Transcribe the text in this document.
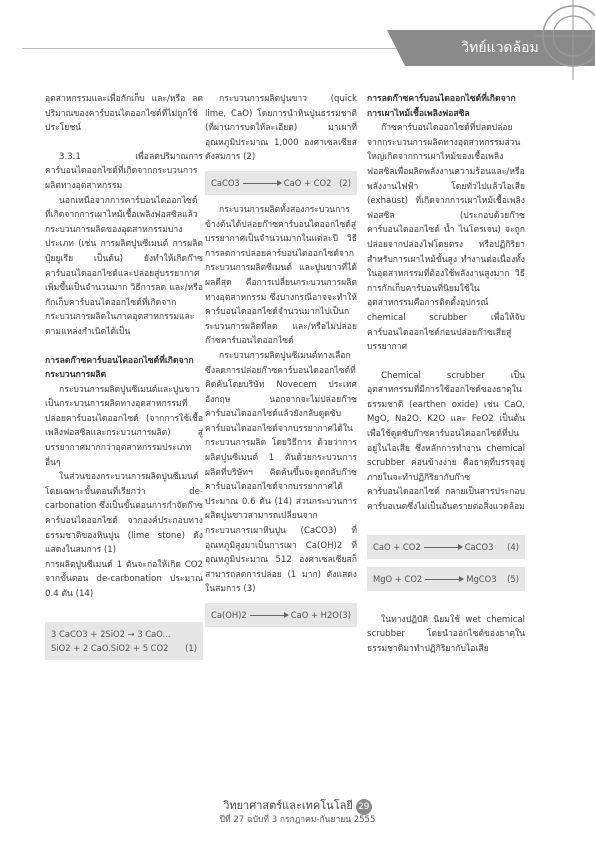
วิทย์แวดล้อม

อุตสาหกรรมและเพื่อกักเก็บ และ/หรือ ลดปริมาณของคาร์บอนไดออกไซด์ที่ไม่ถูกใช้ประโยชน์

3.3.1 เพื่อลดปริมาณการคาร์บอนไดออกไซด์ที่เกิดจากกระบวนการผลิตทางอุตสาหกรรม

นอกเหนือจากการคาร์บอนไดออกไซด์ที่เกิดจากการเผาไหม้เชื้อเพลิงฟอสซิลแล้ว กระบวนการผลิตของอุตสาหกรรมบางประเภท (เช่น การผลิตปูนซีเมนต์ การผลิตปุ๋ยยูเรีย เป็นต้น) ยังทำให้เกิดก๊าซคาร์บอนไดออกไซด์และปล่อยสู่บรรยากาศเพิ่มขึ้นเป็นจำนวนมาก วิธีการลด และ/หรือกักเก็บคาร์บอนไดออกไซด์ที่เกิดจากกระบวนการผลิตในภาคอุตสาหกรรมและตามแหล่งกำเนิดได้เป็น

การลดก๊าซคาร์บอนไดออกไซด์ที่เกิดจากกระบวนการผลิต

กระบวนการผลิตปูนซีเมนต์และปูนขาว เป็นกระบวนการผลิตทางอุตสาหกรรมที่ปล่อยคาร์บอนไดออกไซด์ (จากการใช้เชื้อเพลิงฟอสซิลและกระบวนการผลิต) สู่บรรยากาศมากกว่าอุตสาหกรรมประเภทอื่นๆ

ในส่วนของกระบวนการผลิตปูนซีเมนต์โดยเฉพาะขั้นตอนที่เรียกว่า de-carbonation ซึ่งเป็นขั้นตอนการกำจัดก๊าซคาร์บอนไดออกไซด์ จากองค์ประกอบทางธรรมชาติของหินปูน (lime stone) ดังแสดงในสมการ (1)

การผลิตปูนซีเมนต์ 1 ตันจะก่อให้เกิด CO2 จากขั้นตอน de-carbonation ประมาณ 0.4 ตัน (14)

3 CaCO3 + 2SiO2 → 3 CaO...
SiO2 + 2 CaO.SiO2 + 5 CO2 (1)

กระบวนการผลิตปูนขาว (quick lime, CaO) โดยการนำหินปูนธรรมชาติ (ที่ผ่านการบดให้ละเอียด) มาเผาที่อุณหภูมิประมาณ 1,000 องศาเซลเซียส ดังสมการ (2)

CaCO3	CaO + CO2 (2)

กระบวนการผลิตทั้งสองกระบวนการข้างต้นได้ปล่อยก๊าซคาร์บอนไดออกไซด์สู่บรรยากาศเป็นจำนวนมากในแต่ละปี วิธีการลดการปล่อยคาร์บอนไดออกไซด์จากกระบวนการผลิตซีเมนต์ และปูนขาวที่ได้ผลดีสุด คือการเปลี่ยนกระบวนการผลิตทางอุตสาหกรรม ซึ่งบางกรณีอาจจะทำให้คาร์บอนไดออกไซด์จำนวนมากไปเป็นกระบวนการผลิตที่ลด และ/หรือไม่ปล่อยก๊าซคาร์บอนไดออกไซด์

กระบวนการผลิตปูนซีเมนต์ทางเลือกซึ่งลดการปล่อยก๊าซคาร์บอนไดออกไซด์ที่คิดค้นโดยบริษัท Novecem ประเทศอังกฤษ นอกจากจะไม่ปล่อยก๊าซคาร์บอนไดออกไซด์แล้วยังกลับดูดซับคาร์บอนไดออกไซด์จากบรรยากาศได้ในกระบวนการผลิต โดยวิธีการ ด้วยว่าการผลิตปูนซีเมนต์ 1 ตันด้วยกระบวนการผลิตที่บริษัทฯ คิดค้นขึ้นจะดูดกลับก๊าซคาร์บอนไดออกไซด์จากบรรยากาศได้ประมาณ 0.6 ตัน (14) ส่วนกระบวนการผลิตปูนขาวสามารถเปลี่ยนจากกระบวนการเผาหินปูน (CaCO3) ที่อุณหภูมิสูงมาเป็นการเผา Ca(OH)2 ที่อุณหภูมิประมาณ 512 องศาเซลเซียสก็สามารถลดการปล่อย (1 มาก) ดังแสดงในสมการ (3)

Ca(OH)2	CaO + H2O (3)

การลดก๊าซคาร์บอนไดออกไซด์ที่เกิดจากการเผาไหม้เชื้อเพลิงฟอสซิล

ก๊าซคาร์บอนไดออกไซด์ที่ปลดปล่อยจากกระบวนการผลิตทางอุตสาหกรรมส่วนใหญ่เกิดจากการเผาไหม้ของเชื้อเพลิงฟอสซิลเพื่อผลิตพลังงานความร้อนและ/หรือพลังงานไฟฟ้า โดยทั่วไปแล้วไอเสีย (exhaust) ที่เกิดจากการเผาไหม้เชื้อเพลิงฟอสซิล (ประกอบด้วยก๊าซคาร์บอนไดออกไซด์ น้ำ ไนโตรเจน) จะถูกปล่อยจากปล่องไฟโดยตรง หรือปฏิกิริยาสำหรับการเผาไหม้ขั้นสูง ทำงานต่อเนื่องทั้งในอุตสาหกรรมที่ต้องใช้พลังงานสูงมาก วิธีการกักเก็บคาร์บอนที่นิยมใช้ในอุตสาหกรรมคือการติดตั้งอุปกรณ์ chemical scrubber เพื่อให้จับคาร์บอนไดออกไซด์ก่อนปล่อยก๊าซเสียสู่บรรยากาศ

Chemical scrubber เป็นอุตสาหกรรมที่มีการใช้ออกไซด์ของธาตุในธรรมชาติ (earthen oxide) เช่น CaO, MgO, Na2O, K2O และ FeO2 เป็นต้น เพื่อใช้ดูดซับก๊าซคาร์บอนไดออกไซด์ที่ปนอยู่ในไอเสีย ซึ่งหลักการทำงาน chemical scrubber ค่อนข้างง่าย คือธาตุที่บรรจุอยู่ภายในจะทำปฏิกิริยากับก๊าซคาร์บอนไดออกไซด์ กลายเป็นสารประกอบคาร์บอเนตซึ่งไม่เป็นอันตรายต่อสิ่งแวดล้อม

CaO + CO2	CaCO3 (4)
MgO + CO2	MgCO3 (5)

ในทางปฏิบัติ นิยมใช้ wet chemical scrubber โดยนำออกไซด์ของธาตุในธรรมชาติมาทำปฏิกิริยากับไอเสีย

วิทยาศาสตร์และเทคโนโลยี 29
ปีที่ 27 ฉบับที่ 3 กรกฎาคม-กันยายน 2555
